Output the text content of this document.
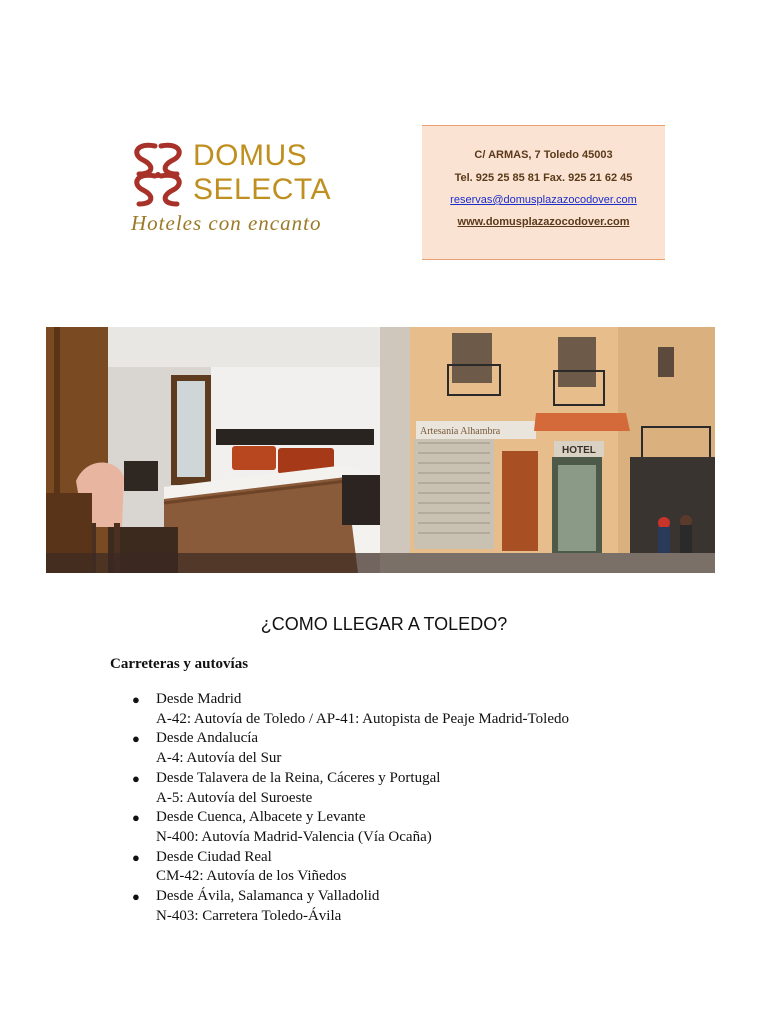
DOMUS
SELECTA
Hoteles con encanto
C/ ARMAS, 7 Toledo 45003
Tel. 925 25 85 81 Fax. 925 21 62 45
reservas@domusplazazocodover.com
www.domusplazazocodover.com
Artesanía Alhambra
HOTEL
¿COMO LLEGAR A TOLEDO?
Carreteras y autovías
● Desde Madrid
A-42: Autovía de Toledo / AP-41: Autopista de Peaje Madrid-Toledo
● Desde Andalucía
A-4: Autovía del Sur
● Desde Talavera de la Reina, Cáceres y Portugal
A-5: Autovía del Suroeste
● Desde Cuenca, Albacete y Levante
N-400: Autovía Madrid-Valencia (Vía Ocaña)
● Desde Ciudad Real
CM-42: Autovía de los Viñedos
● Desde Ávila, Salamanca y Valladolid
N-403: Carretera Toledo-Ávila
